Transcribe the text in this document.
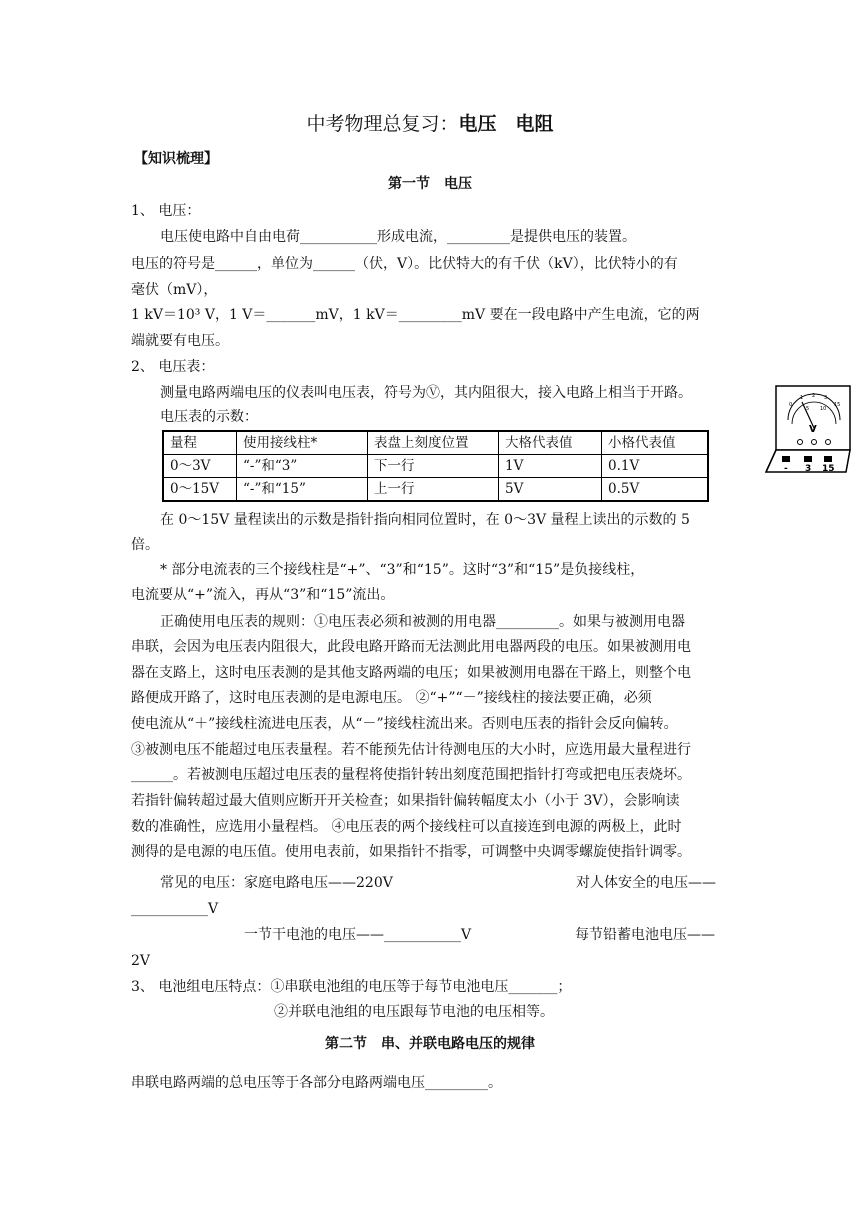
中考物理总复习：电压　电阻
【知识梳理】
第一节　电压
1、 电压：
电压使电路中自由电荷___________形成电流，_________是提供电压的装置。
电压的符号是______，单位为______（伏，V）。比伏特大的有千伏（kV），比伏特小的有
毫伏（mV），
1 kV＝10³ V，1 V＝_______mV，1 kV＝_________mV 要在一段电路中产生电流，它的两
端就要有电压。
2、 电压表：
测量电路两端电压的仪表叫电压表，符号为Ⓥ，其内阻很大，接入电路上相当于开路。
电压表的示数：
量程	使用接线柱*	表盘上刻度位置	大格代表值	小格代表值
0～3V	“-”和“3”	下一行	1V	0.1V
0～15V	“-”和“15”	上一行	5V	0.5V
0
1 2 3
5 10
15
V
- 3 15
在 0～15V 量程读出的示数是指针指向相同位置时，在 0～3V 量程上读出的示数的 5
倍。
* 部分电流表的三个接线柱是“+”、“3”和“15”。这时“3”和“15”是负接线柱，
电流要从“+”流入，再从“3”和“15”流出。
正确使用电压表的规则：①电压表必须和被测的用电器_________。如果与被测用电器
串联，会因为电压表内阻很大，此段电路开路而无法测此用电器两段的电压。如果被测用电
器在支路上，这时电压表测的是其他支路两端的电压；如果被测用电器在干路上，则整个电
路便成开路了，这时电压表测的是电源电压。 ②“+”“－”接线柱的接法要正确，必须
使电流从“＋”接线柱流进电压表，从“－”接线柱流出来。否则电压表的指针会反向偏转。
③被测电压不能超过电压表量程。若不能预先估计待测电压的大小时，应选用最大量程进行
______。若被测电压超过电压表的量程将使指针转出刻度范围把指针打弯或把电压表烧坏。
若指针偏转超过最大值则应断开开关检查；如果指针偏转幅度太小（小于 3V），会影响读
数的准确性，应选用小量程档。 ④电压表的两个接线柱可以直接连到电源的两极上，此时
测得的是电源的电压值。使用电表前，如果指针不指零，可调整中央调零螺旋使指针调零。
常见的电压：家庭电路电压——220V	对人体安全的电压——
___________V
一节干电池的电压——___________V	每节铅蓄电池电压——
2V
3、 电池组电压特点：①串联电池组的电压等于每节电池电压_______；
②并联电池组的电压跟每节电池的电压相等。
第二节　串、并联电路电压的规律
串联电路两端的总电压等于各部分电路两端电压_________。
